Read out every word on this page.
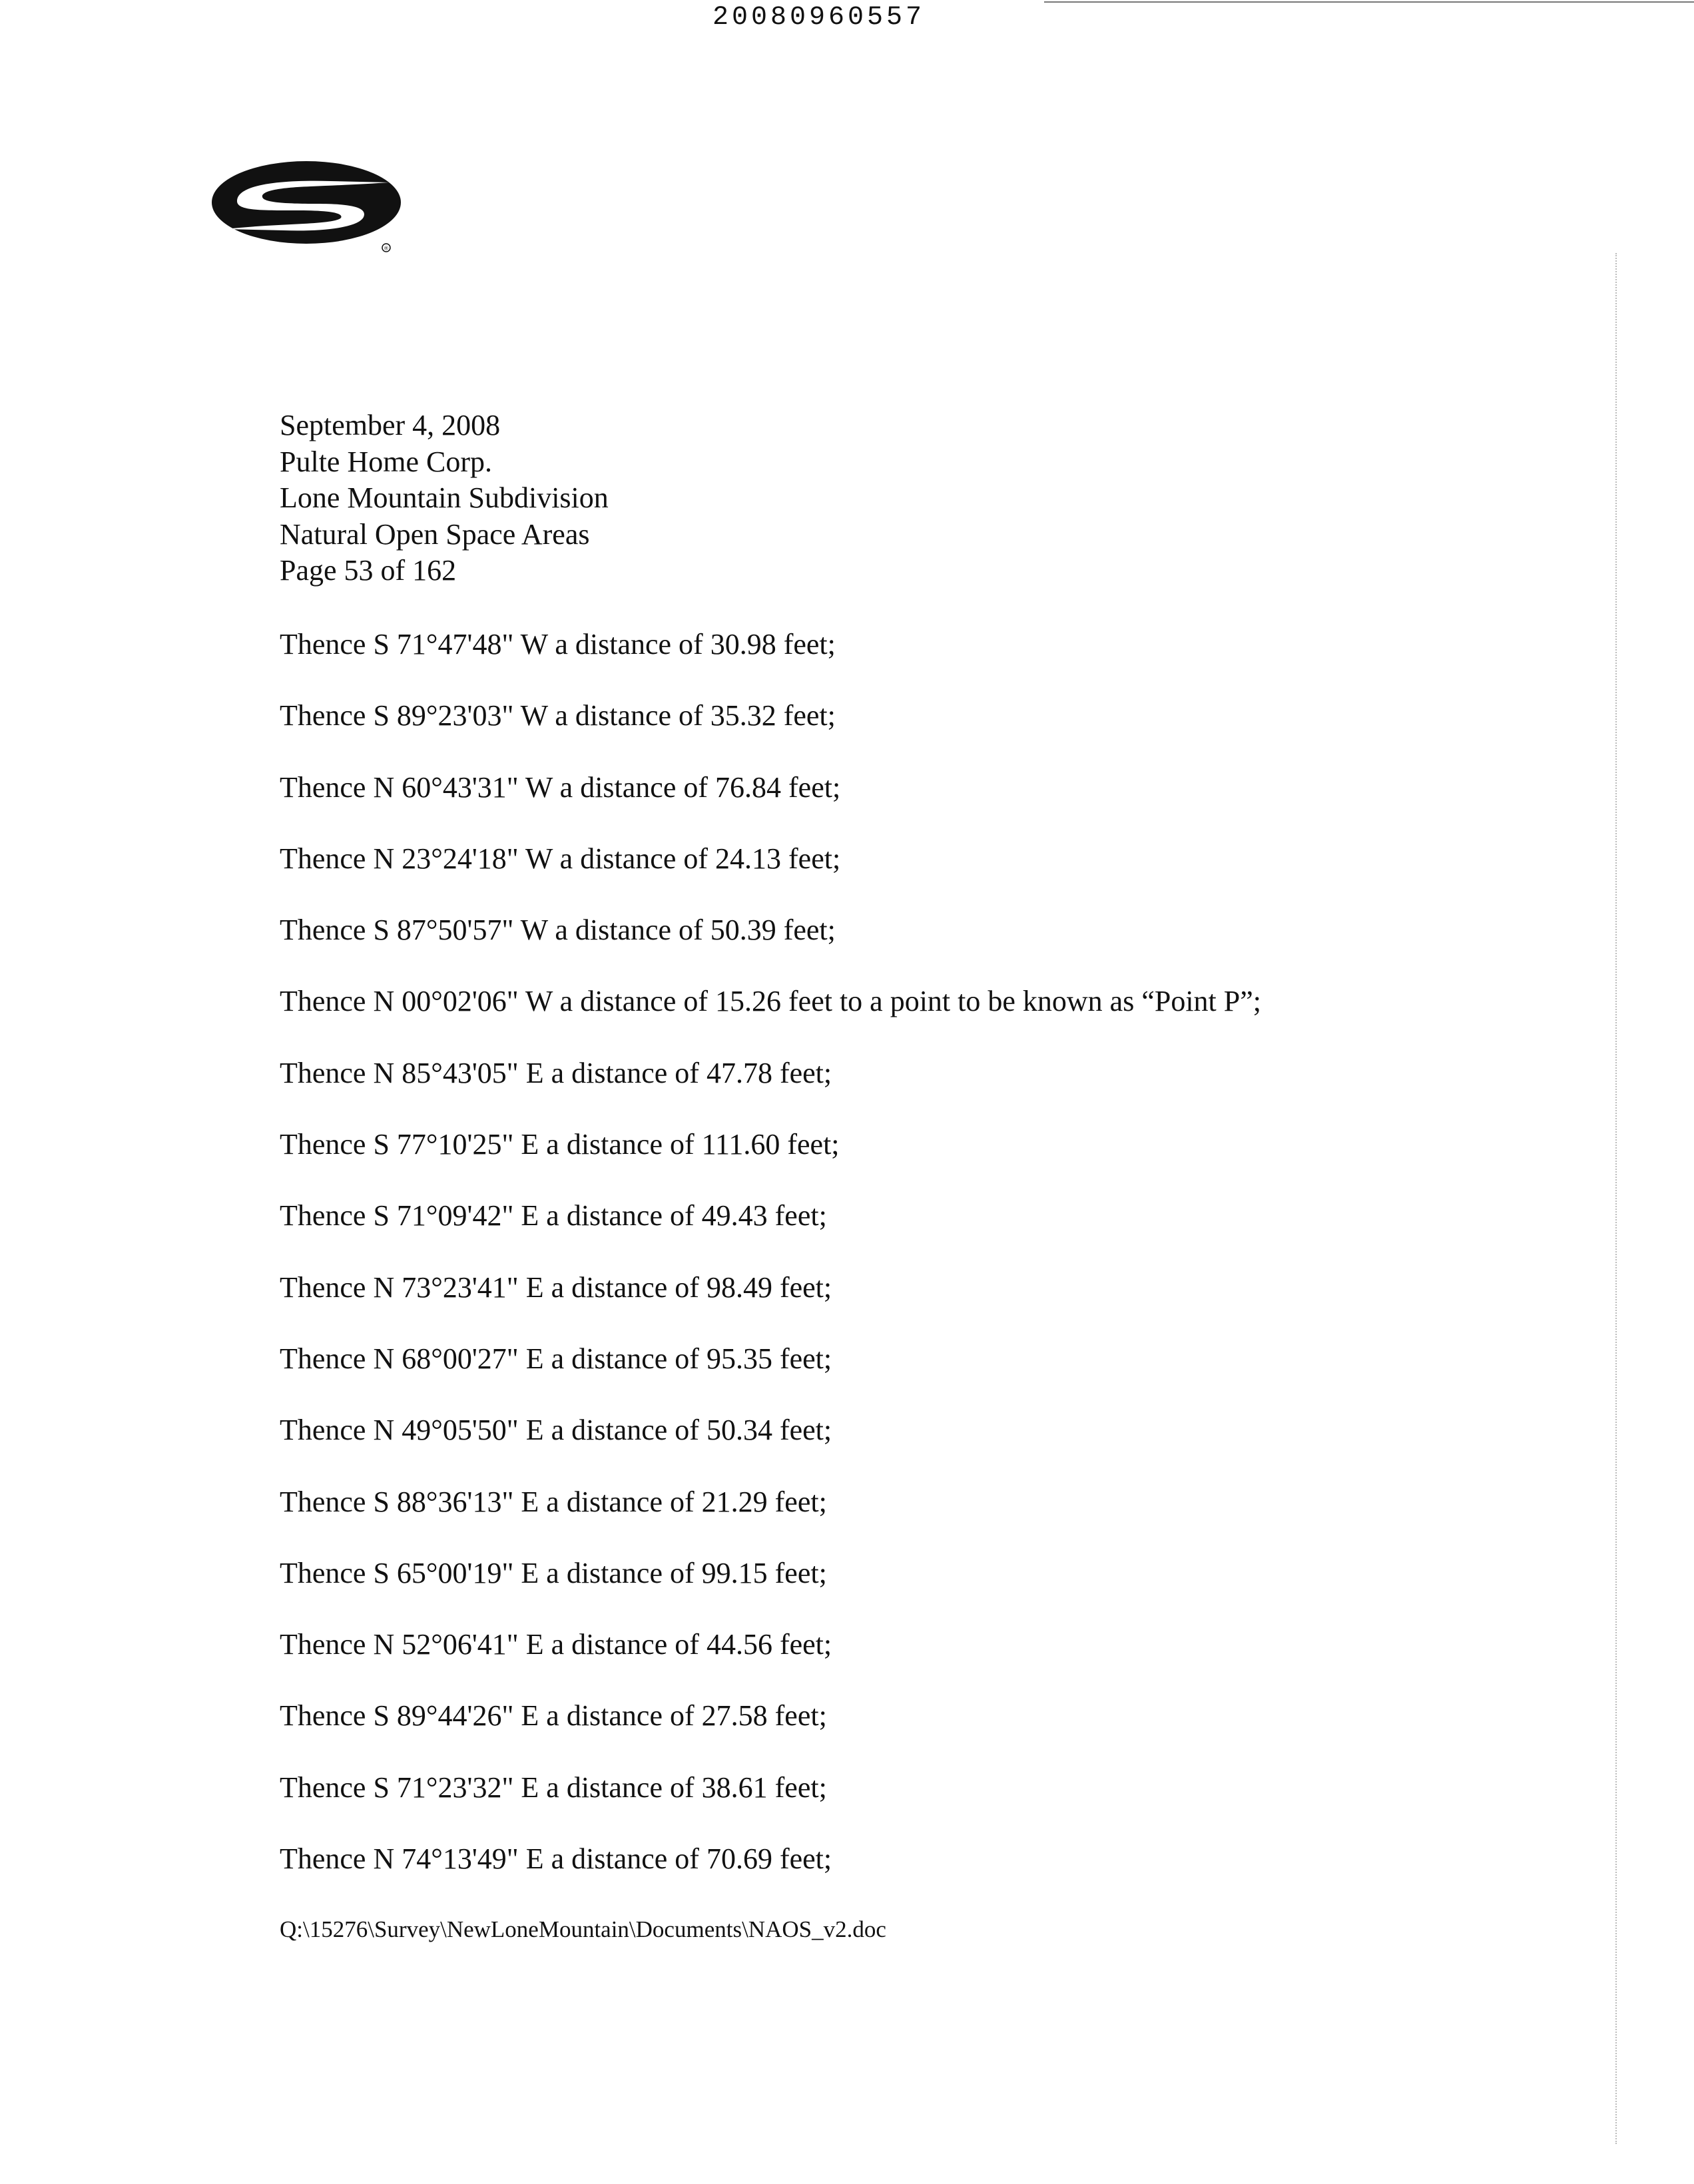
20080960557
®
September 4, 2008
Pulte Home Corp.
Lone Mountain Subdivision
Natural Open Space Areas
Page 53 of 162
Thence S 71°47'48" W a distance of 30.98 feet;
Thence S 89°23'03" W a distance of 35.32 feet;
Thence N 60°43'31" W a distance of 76.84 feet;
Thence N 23°24'18" W a distance of 24.13 feet;
Thence S 87°50'57" W a distance of 50.39 feet;
Thence N 00°02'06" W a distance of 15.26 feet to a point to be known as “Point P”;
Thence N 85°43'05" E a distance of 47.78 feet;
Thence S 77°10'25" E a distance of 111.60 feet;
Thence S 71°09'42" E a distance of 49.43 feet;
Thence N 73°23'41" E a distance of 98.49 feet;
Thence N 68°00'27" E a distance of 95.35 feet;
Thence N 49°05'50" E a distance of 50.34 feet;
Thence S 88°36'13" E a distance of 21.29 feet;
Thence S 65°00'19" E a distance of 99.15 feet;
Thence N 52°06'41" E a distance of 44.56 feet;
Thence S 89°44'26" E a distance of 27.58 feet;
Thence S 71°23'32" E a distance of 38.61 feet;
Thence N 74°13'49" E a distance of 70.69 feet;
Q:\15276\Survey\NewLoneMountain\Documents\NAOS_v2.doc
